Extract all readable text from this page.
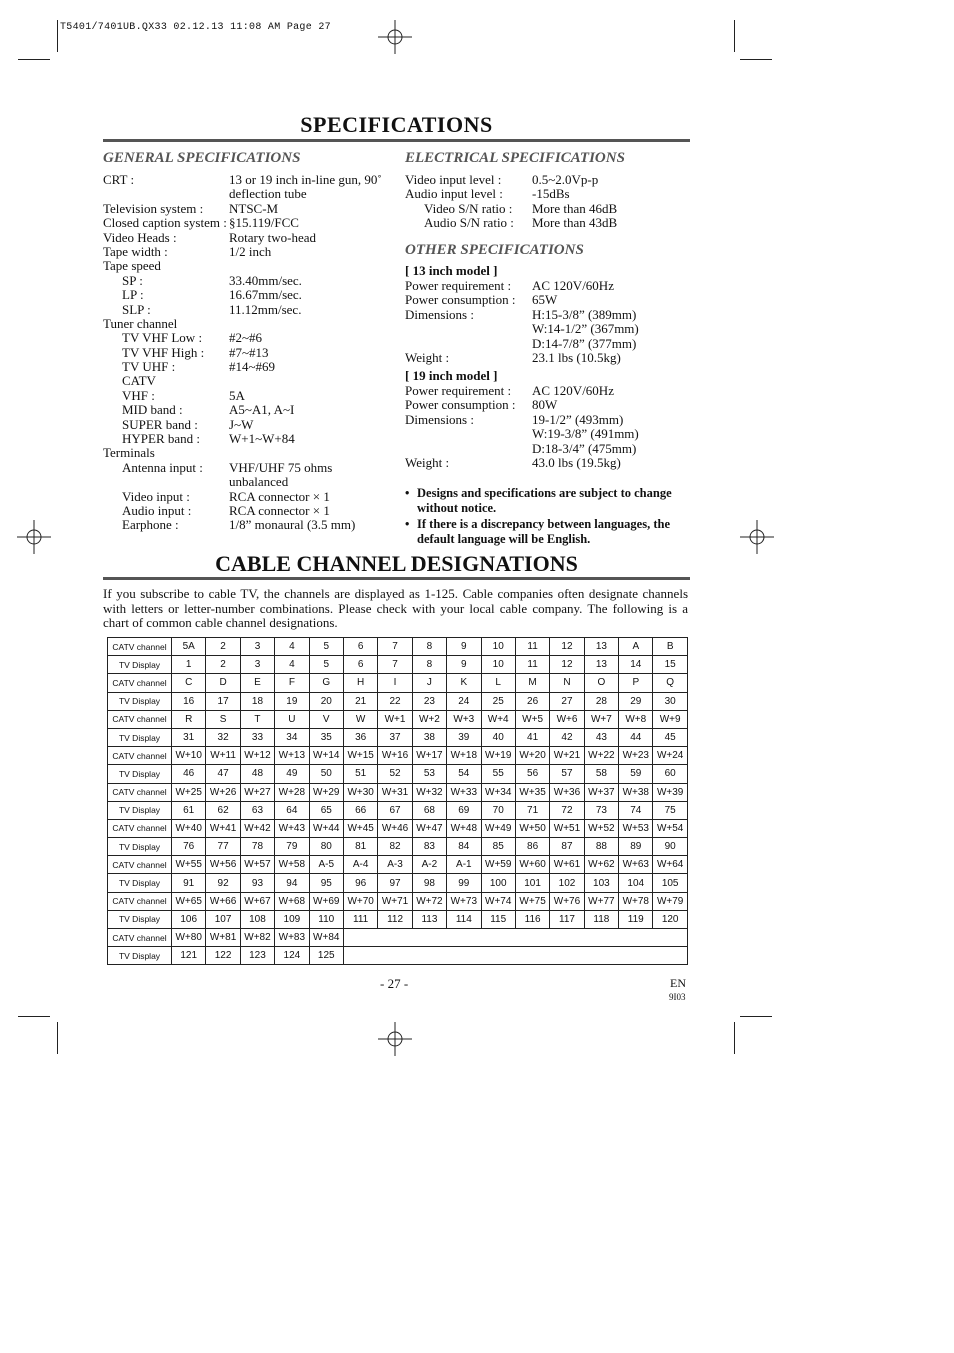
T5401/7401UB.QX33 02.12.13 11:08 AM Page 27
SPECIFICATIONS
GENERAL SPECIFICATIONS
CRT :	13 or 19 inch in-line gun, 90˚
deflection tube
Television system : NTSC-M
Closed caption system : §15.119/FCC
Video Heads :	Rotary two-head
Tape width :	1/2 inch
Tape speed
SP :	33.40mm/sec.
LP :	16.67mm/sec.
SLP :	11.12mm/sec.
Tuner channel
TV VHF Low : #2~#6
TV VHF High : #7~#13
TV UHF :	#14~#69
CATV
VHF :	5A
MID band :	A5~A1, A~I
SUPER band : J~W
HYPER band : W+1~W+84
Terminals
Antenna input : VHF/UHF 75 ohms
unbalanced
Video input :	RCA connector × 1
Audio input :	RCA connector × 1
Earphone :	1/8” monaural (3.5 mm)
ELECTRICAL SPECIFICATIONS
Video input level : 0.5~2.0Vp-p
Audio input level : -15dBs
Video S/N ratio : More than 46dB
Audio S/N ratio : More than 43dB
OTHER SPECIFICATIONS
[ 13 inch model ]
Power requirement : AC 120V/60Hz
Power consumption : 65W
Dimensions :	H:15-3/8” (389mm)
W:14-1/2” (367mm)
D:14-7/8” (377mm)
Weight :	23.1 lbs (10.5kg)
[ 19 inch model ]
Power requirement : AC 120V/60Hz
Power consumption : 80W
Dimensions :	19-1/2” (493mm)
W:19-3/8” (491mm)
D:18-3/4” (475mm)
Weight :	43.0 lbs (19.5kg)
• Designs and specifications are subject to change without notice.
• If there is a discrepancy between languages, the default language will be English.
CABLE CHANNEL DESIGNATIONS
If you subscribe to cable TV, the channels are displayed as 1-125. Cable companies often designate channels with letters or letter-number combinations. Please check with your local cable company. The following is a chart of common cable channel designations.
CATV channel	5A	2	3	4	5	6	7	8	9	10	11	12	13	A	B
TV Display	1	2	3	4	5	6	7	8	9	10	11	12	13	14	15
CATV channel	C	D	E	F	G	H	I	J	K	L	M	N	O	P	Q
TV Display	16	17	18	19	20	21	22	23	24	25	26	27	28	29	30
CATV channel	R	S	T	U	V	W	W+1	W+2	W+3	W+4	W+5	W+6	W+7	W+8	W+9
TV Display	31	32	33	34	35	36	37	38	39	40	41	42	43	44	45
CATV channel	W+10	W+11	W+12	W+13	W+14	W+15	W+16	W+17	W+18	W+19	W+20	W+21	W+22	W+23	W+24
TV Display	46	47	48	49	50	51	52	53	54	55	56	57	58	59	60
CATV channel	W+25	W+26	W+27	W+28	W+29	W+30	W+31	W+32	W+33	W+34	W+35	W+36	W+37	W+38	W+39
TV Display	61	62	63	64	65	66	67	68	69	70	71	72	73	74	75
CATV channel	W+40	W+41	W+42	W+43	W+44	W+45	W+46	W+47	W+48	W+49	W+50	W+51	W+52	W+53	W+54
TV Display	76	77	78	79	80	81	82	83	84	85	86	87	88	89	90
CATV channel	W+55	W+56	W+57	W+58	A-5	A-4	A-3	A-2	A-1	W+59	W+60	W+61	W+62	W+63	W+64
TV Display	91	92	93	94	95	96	97	98	99	100	101	102	103	104	105
CATV channel	W+65	W+66	W+67	W+68	W+69	W+70	W+71	W+72	W+73	W+74	W+75	W+76	W+77	W+78	W+79
TV Display	106	107	108	109	110	111	112	113	114	115	116	117	118	119	120
CATV channel	W+80	W+81	W+82	W+83	W+84										
TV Display	121	122	123	124	125										
- 27 -	EN
9I03
